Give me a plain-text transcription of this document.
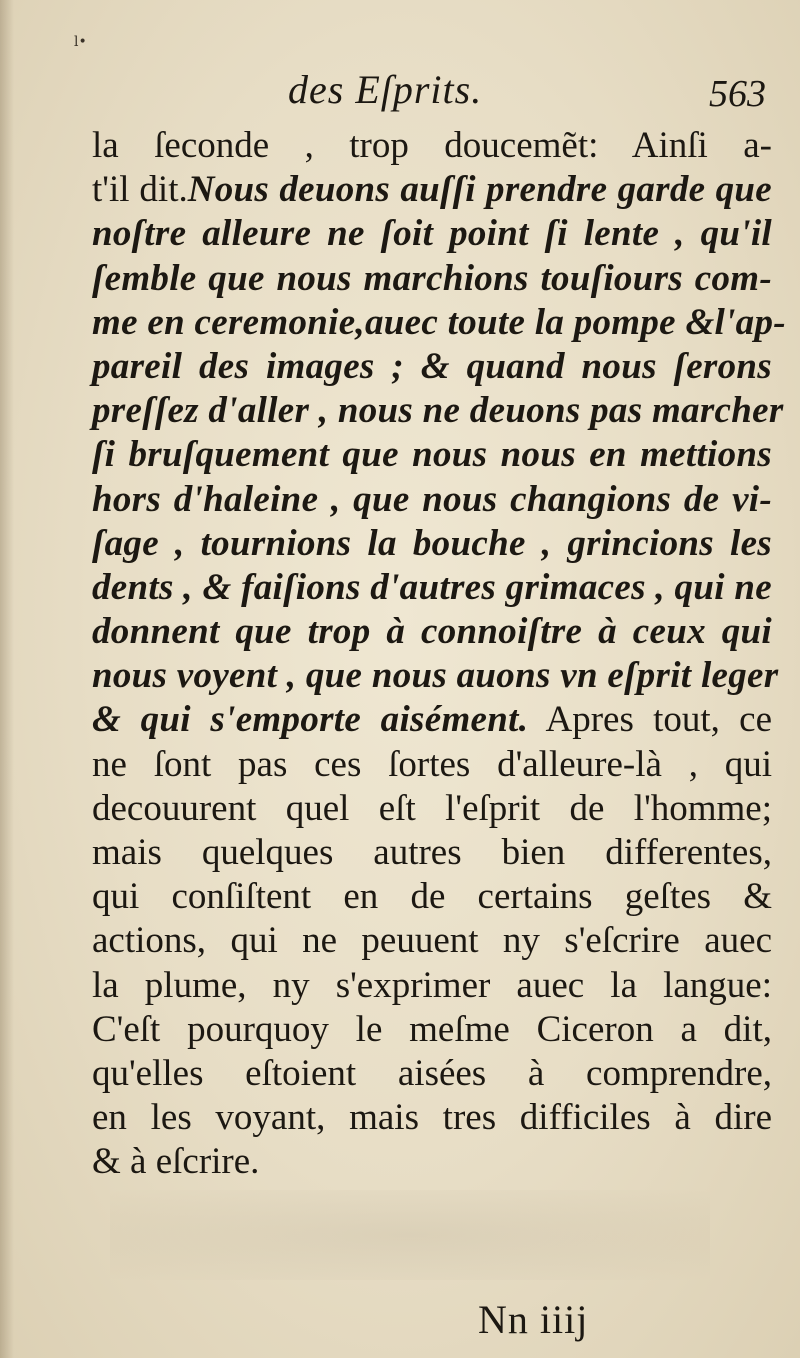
l•
des Eſprits.	563
la ſeconde , trop doucemẽt: Ainſi a-
t'il dit.Nous deuons auſſi prendre garde que
noſtre alleure ne ſoit point ſi lente , qu'il
ſemble que nous marchions touſiours com-
me en ceremonie,auec toute la pompe &l'ap-
pareil des images ; & quand nous ſerons
preſſez d'aller , nous ne deuons pas marcher
ſi bruſquement que nous nous en mettions
hors d'haleine , que nous changions de vi-
ſage , tournions la bouche , grincions les
dents , & faiſions d'autres grimaces , qui ne
donnent que trop à connoiſtre à ceux qui
nous voyent , que nous auons vn eſprit leger
& qui s'emporte aisément. Apres tout, ce
ne ſont pas ces ſortes d'alleure-là , qui
decouurent quel eſt l'eſprit de l'homme;
mais quelques autres bien differentes,
qui conſiſtent en de certains geſtes &
actions, qui ne peuuent ny s'eſcrire auec
la plume, ny s'exprimer auec la langue:
C'eſt pourquoy le meſme Ciceron a dit,
qu'elles eſtoient aisées à comprendre,
en les voyant, mais tres difficiles à dire
& à eſcrire.
Nn iiij
